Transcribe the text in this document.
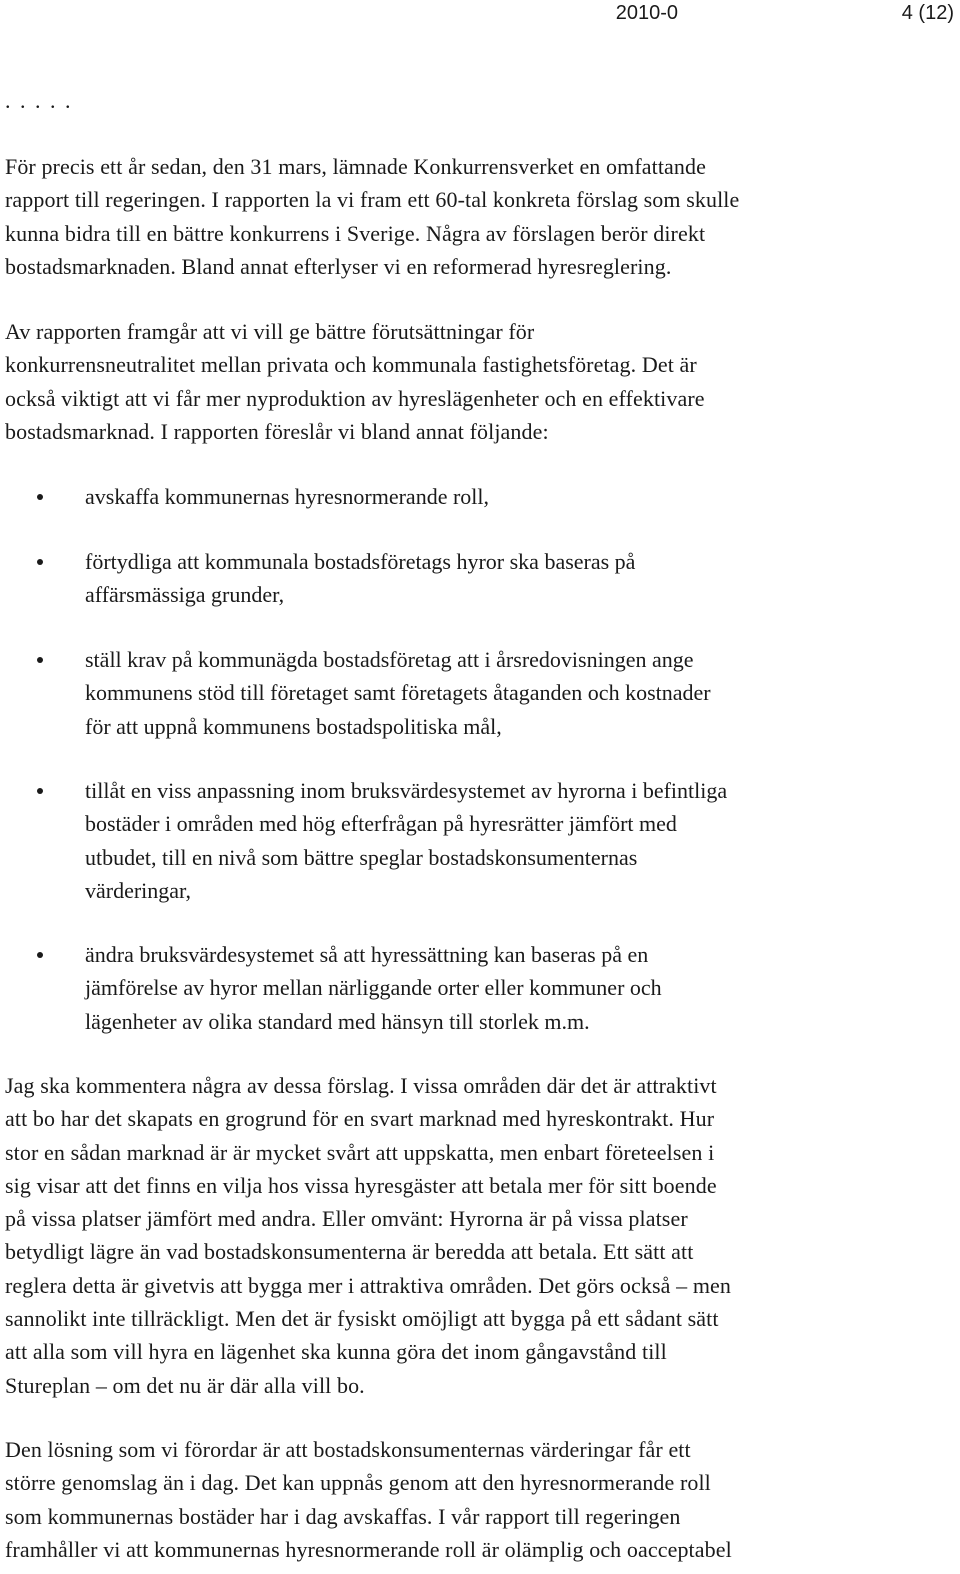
2010-0	4 (12)
. . . . .

För precis ett år sedan, den 31 mars, lämnade Konkurrensverket en omfattande
rapport till regeringen. I rapporten la vi fram ett 60-tal konkreta förslag som skulle
kunna bidra till en bättre konkurrens i Sverige. Några av förslagen berör direkt
bostadsmarknaden. Bland annat efterlyser vi en reformerad hyresreglering.

Av rapporten framgår att vi vill ge bättre förutsättningar för
konkurrensneutralitet mellan privata och kommunala fastighetsföretag. Det är
också viktigt att vi får mer nyproduktion av hyreslägenheter och en effektivare
bostadsmarknad. I rapporten föreslår vi bland annat följande:

avskaffa kommunernas hyresnormerande roll,
förtydliga att kommunala bostadsföretags hyror ska baseras på
affärsmässiga grunder,
ställ krav på kommunägda bostadsföretag att i årsredovisningen ange
kommunens stöd till företaget samt företagets åtaganden och kostnader
för att uppnå kommunens bostadspolitiska mål,
tillåt en viss anpassning inom bruksvärdesystemet av hyrorna i befintliga
bostäder i områden med hög efterfrågan på hyresrätter jämfört med
utbudet, till en nivå som bättre speglar bostadskonsumenternas
värderingar,
ändra bruksvärdesystemet så att hyressättning kan baseras på en
jämförelse av hyror mellan närliggande orter eller kommuner och
lägenheter av olika standard med hänsyn till storlek m.m.

Jag ska kommentera några av dessa förslag. I vissa områden där det är attraktivt
att bo har det skapats en grogrund för en svart marknad med hyreskontrakt. Hur
stor en sådan marknad är är mycket svårt att uppskatta, men enbart företeelsen i
sig visar att det finns en vilja hos vissa hyresgäster att betala mer för sitt boende
på vissa platser jämfört med andra. Eller omvänt: Hyrorna är på vissa platser
betydligt lägre än vad bostadskonsumenterna är beredda att betala. Ett sätt att
reglera detta är givetvis att bygga mer i attraktiva områden. Det görs också – men
sannolikt inte tillräckligt. Men det är fysiskt omöjligt att bygga på ett sådant sätt
att alla som vill hyra en lägenhet ska kunna göra det inom gångavstånd till
Stureplan – om det nu är där alla vill bo.

Den lösning som vi förordar är att bostadskonsumenternas värderingar får ett
större genomslag än i dag. Det kan uppnås genom att den hyresnormerande roll
som kommunernas bostäder har i dag avskaffas. I vår rapport till regeringen
framhåller vi att kommunernas hyresnormerande roll är olämplig och oacceptabel
